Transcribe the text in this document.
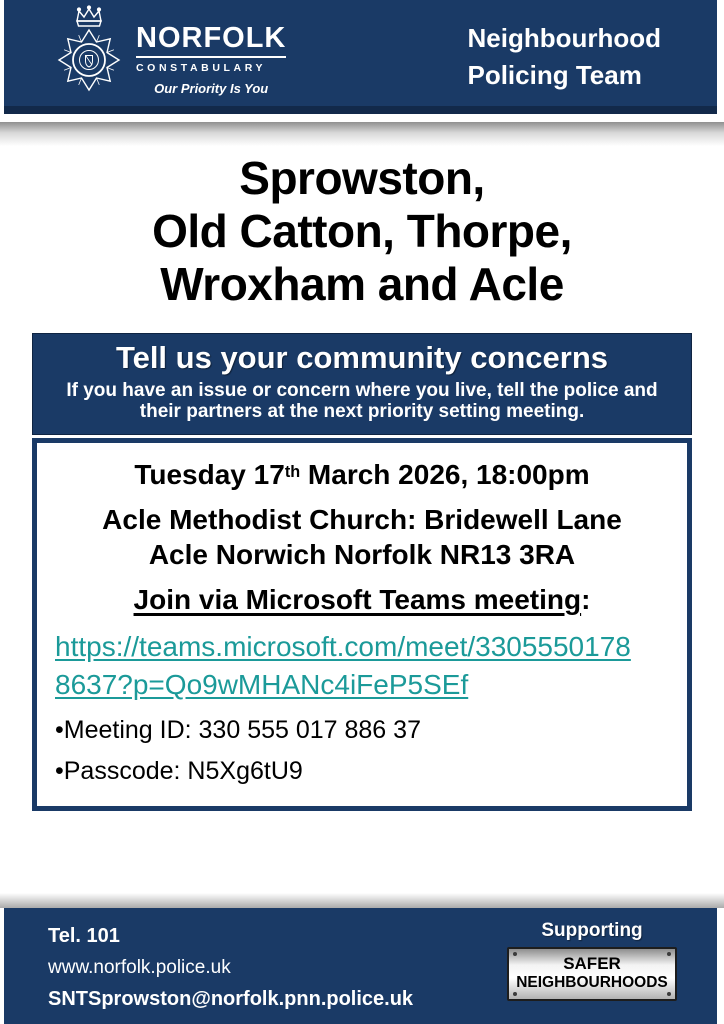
NORFOLK
CONSTABULARY
Our Priority Is You
Neighbourhood
Policing Team
Sprowston,
Old Catton, Thorpe,
Wroxham and Acle
Tell us your community concerns
If you have an issue or concern where you live, tell the police and their partners at the next priority setting meeting.

Tuesday 17th March 2026, 18:00pm

Acle Methodist Church: Bridewell Lane
Acle Norwich Norfolk NR13 3RA

Join via Microsoft Teams meeting:

https://teams.microsoft.com/meet/3305550178
8637?p=Qo9wMHANc4iFeP5SEf

•Meeting ID: 330 555 017 886 37

•Passcode: N5Xg6tU9

Tel. 101
www.norfolk.police.uk
SNTSprowston@norfolk.pnn.police.uk
Supporting
SAFER
NEIGHBOURHOODS
